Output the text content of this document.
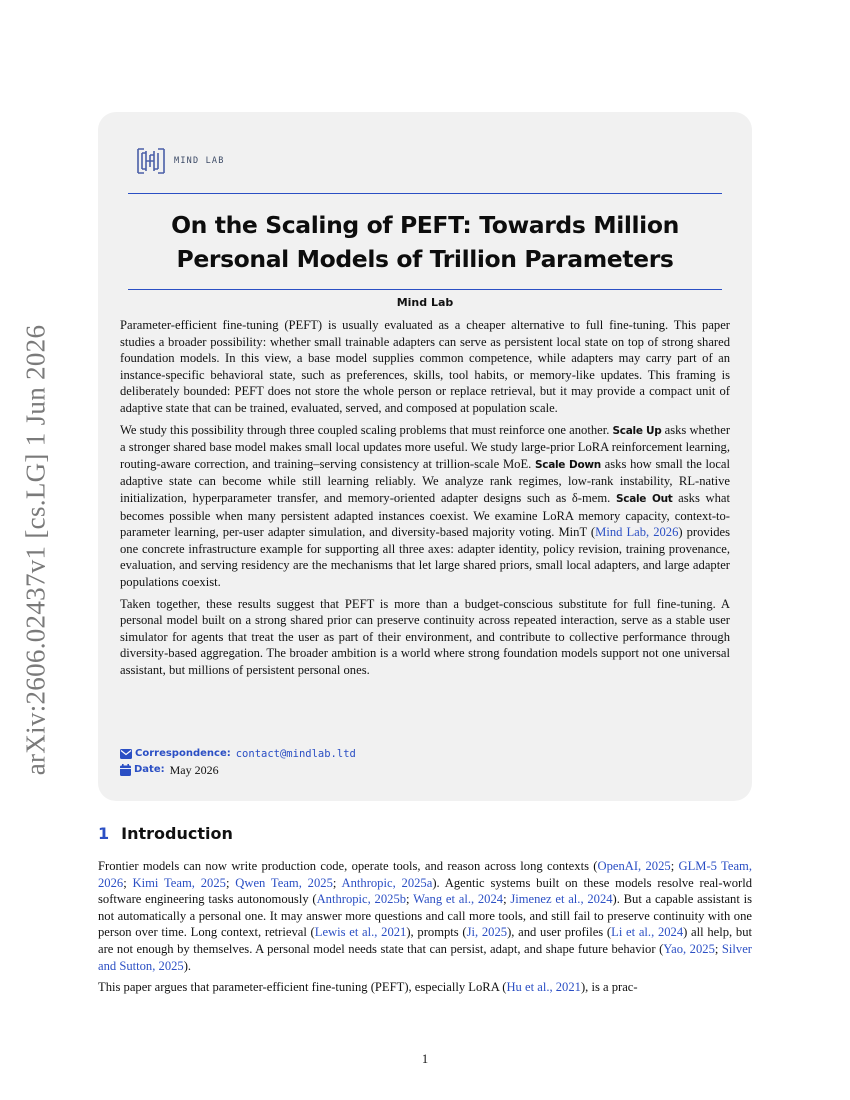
arXiv:2606.02437v1 [cs.LG] 1 Jun 2026
MIND LAB
On the Scaling of PEFT: Towards Million Personal Models of Trillion Parameters
Mind Lab

Parameter-efficient fine-tuning (PEFT) is usually evaluated as a cheaper alternative to full fine-tuning. This paper studies a broader possibility: whether small trainable adapters can serve as persistent local state on top of strong shared foundation models. In this view, a base model supplies common competence, while adapters may carry part of an instance-specific behavioral state, such as preferences, skills, tool habits, or memory-like updates. This framing is deliberately bounded: PEFT does not store the whole person or replace retrieval, but it may provide a compact unit of adaptive state that can be trained, evaluated, served, and composed at population scale.

We study this possibility through three coupled scaling problems that must reinforce one another. Scale Up asks whether a stronger shared base model makes small local updates more useful. We study large-prior LoRA reinforcement learning, routing-aware correction, and training–serving consistency at trillion-scale MoE. Scale Down asks how small the local adaptive state can become while still learning reliably. We analyze rank regimes, low-rank instability, RL-native initialization, hyperparameter transfer, and memory-oriented adapter designs such as δ-mem. Scale Out asks what becomes possible when many persistent adapted instances coexist. We examine LoRA memory capacity, context-to-parameter learning, per-user adapter simulation, and diversity-based majority voting. MinT (Mind Lab, 2026) provides one concrete infrastructure example for supporting all three axes: adapter identity, policy revision, training provenance, evaluation, and serving residency are the mechanisms that let large shared priors, small local adapters, and large adapter populations coexist.

Taken together, these results suggest that PEFT is more than a budget-conscious substitute for full fine-tuning. A personal model built on a strong shared prior can preserve continuity across repeated interaction, serve as a stable user simulator for agents that treat the user as part of their environment, and contribute to collective performance through diversity-based aggregation. The broader ambition is a world where strong foundation models support not one universal assistant, but millions of persistent personal ones.

Correspondence: contact@mindlab.ltd
Date: May 2026
1 Introduction

Frontier models can now write production code, operate tools, and reason across long contexts (OpenAI, 2025; GLM-5 Team, 2026; Kimi Team, 2025; Qwen Team, 2025; Anthropic, 2025a). Agentic systems built on these models resolve real-world software engineering tasks autonomously (Anthropic, 2025b; Wang et al., 2024; Jimenez et al., 2024). But a capable assistant is not automatically a personal one. It may answer more questions and call more tools, and still fail to preserve continuity with one person over time. Long context, retrieval (Lewis et al., 2021), prompts (Ji, 2025), and user profiles (Li et al., 2024) all help, but are not enough by themselves. A personal model needs state that can persist, adapt, and shape future behavior (Yao, 2025; Silver and Sutton, 2025).

This paper argues that parameter-efficient fine-tuning (PEFT), especially LoRA (Hu et al., 2021), is a prac-

1
